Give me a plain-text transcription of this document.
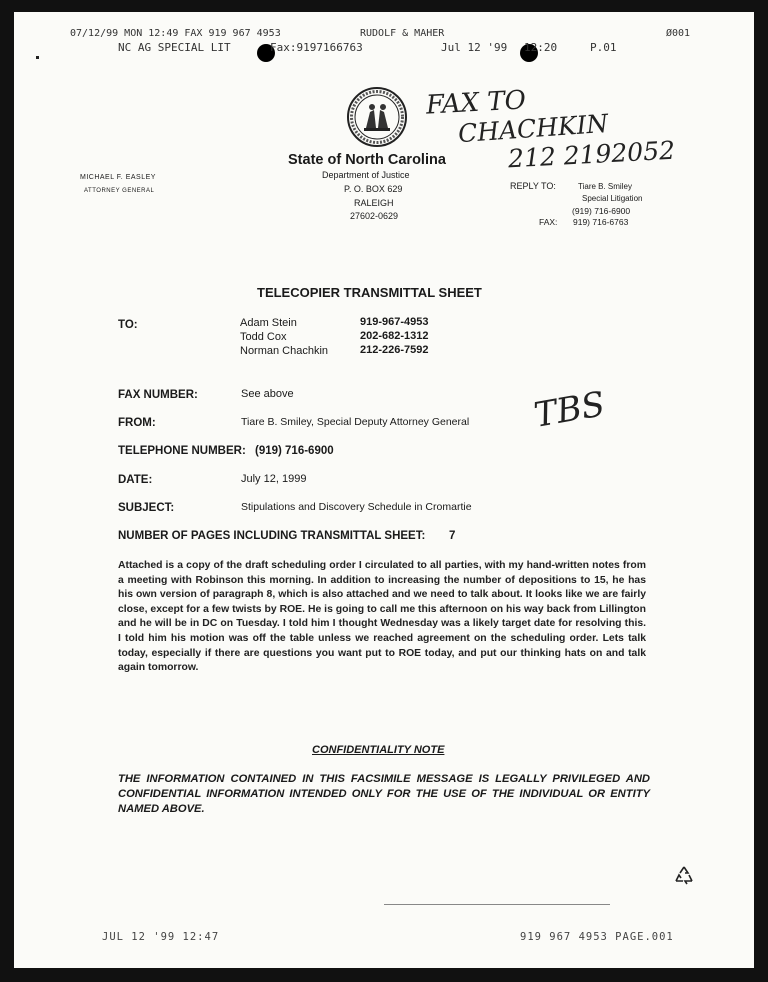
07/12/99 MON 12:49 FAX 919 967 4953	RUDOLF & MAHER	Ø001
NC AG SPECIAL LIT	Fax:9197166763	Jul 12 '99 12:20	P.01
FAX TO
CHACHKIN
212 2192052
State of North Carolina
Department of Justice
P. O. BOX 629
RALEIGH
27602-0629
MICHAEL F. EASLEY
ATTORNEY GENERAL	REPLY TO:	Tiare B. Smiley
Special Litigation
(919) 716-6900
FAX: 919) 716-6763
TELECOPIER TRANSMITTAL SHEET
TO:	Adam Stein	919-967-4953
Todd Cox	202-682-1312
Norman Chachkin	212-226-7592
FAX NUMBER:	See above
FROM:	Tiare B. Smiley, Special Deputy Attorney General TBS
TELEPHONE NUMBER: (919) 716-6900
DATE:	July 12, 1999
SUBJECT:	Stipulations and Discovery Schedule in Cromartie
NUMBER OF PAGES INCLUDING TRANSMITTAL SHEET: 7
Attached is a copy of the draft scheduling order I circulated to all parties, with my hand-written notes from a meeting with Robinson this morning. In addition to increasing the number of depositions to 15, he has his own version of paragraph 8, which is also attached and we need to talk about. It looks like we are fairly close, except for a few twists by ROE. He is going to call me this afternoon on his way back from Lillington and he will be in DC on Tuesday. I told him I thought Wednesday was a likely target date for resolving this. I told him his motion was off the table unless we reached agreement on the scheduling order. Lets talk today, especially if there are questions you want put to ROE today, and put our thinking hats on and talk again tomorrow.
CONFIDENTIALITY NOTE
THE INFORMATION CONTAINED IN THIS FACSIMILE MESSAGE IS LEGALLY PRIVILEGED AND CONFIDENTIAL INFORMATION INTENDED ONLY FOR THE USE OF THE INDIVIDUAL OR ENTITY NAMED ABOVE.
JUL 12 '99 12:47	919 967 4953 PAGE.001
